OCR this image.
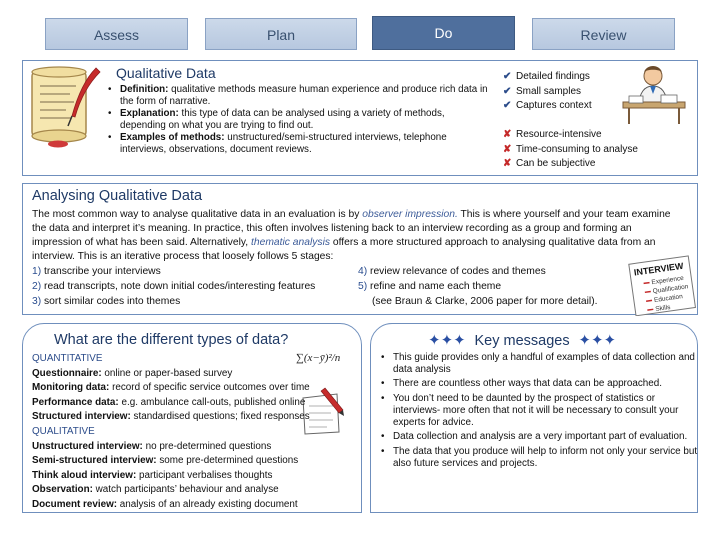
Assess	Plan	Do	Review
Qualitative Data
• Definition: qualitative methods measure human experience and produce rich data in the form of narrative.
• Explanation: this type of data can be analysed using a variety of methods, depending on what you are trying to find out.
• Examples of methods: unstructured/semi-structured interviews, telephone interviews, observations, document reviews.
✔ Detailed findings
✔ Small samples
✔ Captures context
✘ Resource-intensive
✘ Time-consuming to analyse
✘ Can be subjective
Analysing Qualitative Data
The most common way to analyse qualitative data in an evaluation is by observer impression. This is where yourself and your team examine the data and interpret it’s meaning. In practice, this often involves listening back to an interview recording as a group and forming an impression of what has been said. Alternatively, thematic analysis offers a more structured approach to analysing qualitative data from an interview. This is an iterative process that loosely follows 5 stages:
1) transcribe your interviews
2) read transcripts, note down initial codes/interesting features
3) sort similar codes into themes
4) review relevance of codes and themes
5) refine and name each theme
(see Braun & Clarke, 2006 paper for more detail).
INTERVIEW
Experience
Qualification
Education
Skills
What are the different types of data?
∑(x−ȳ)²/n
QUANTITATIVE
Questionnaire: online or paper-based survey
Monitoring data: record of specific service outcomes over time
Performance data: e.g. ambulance call-outs, published online
Structured interview: standardised questions; fixed responses
QUALITATIVE
Unstructured interview: no pre-determined questions
Semi-structured interview: some pre-determined questions
Think aloud interview: participant verbalises thoughts
Observation: watch participants’ behaviour and analyse
Document review: analysis of an already existing document
✦✦✦ Key messages ✦✦✦
• This guide provides only a handful of examples of data collection and data analysis
• There are countless other ways that data can be approached.
• You don’t need to be daunted by the prospect of statistics or interviews- more often that not it will be necessary to consult your experts for advice.
• Data collection and analysis are a very important part of evaluation.
• The data that you produce will help to inform not only your service but also future services and projects.
